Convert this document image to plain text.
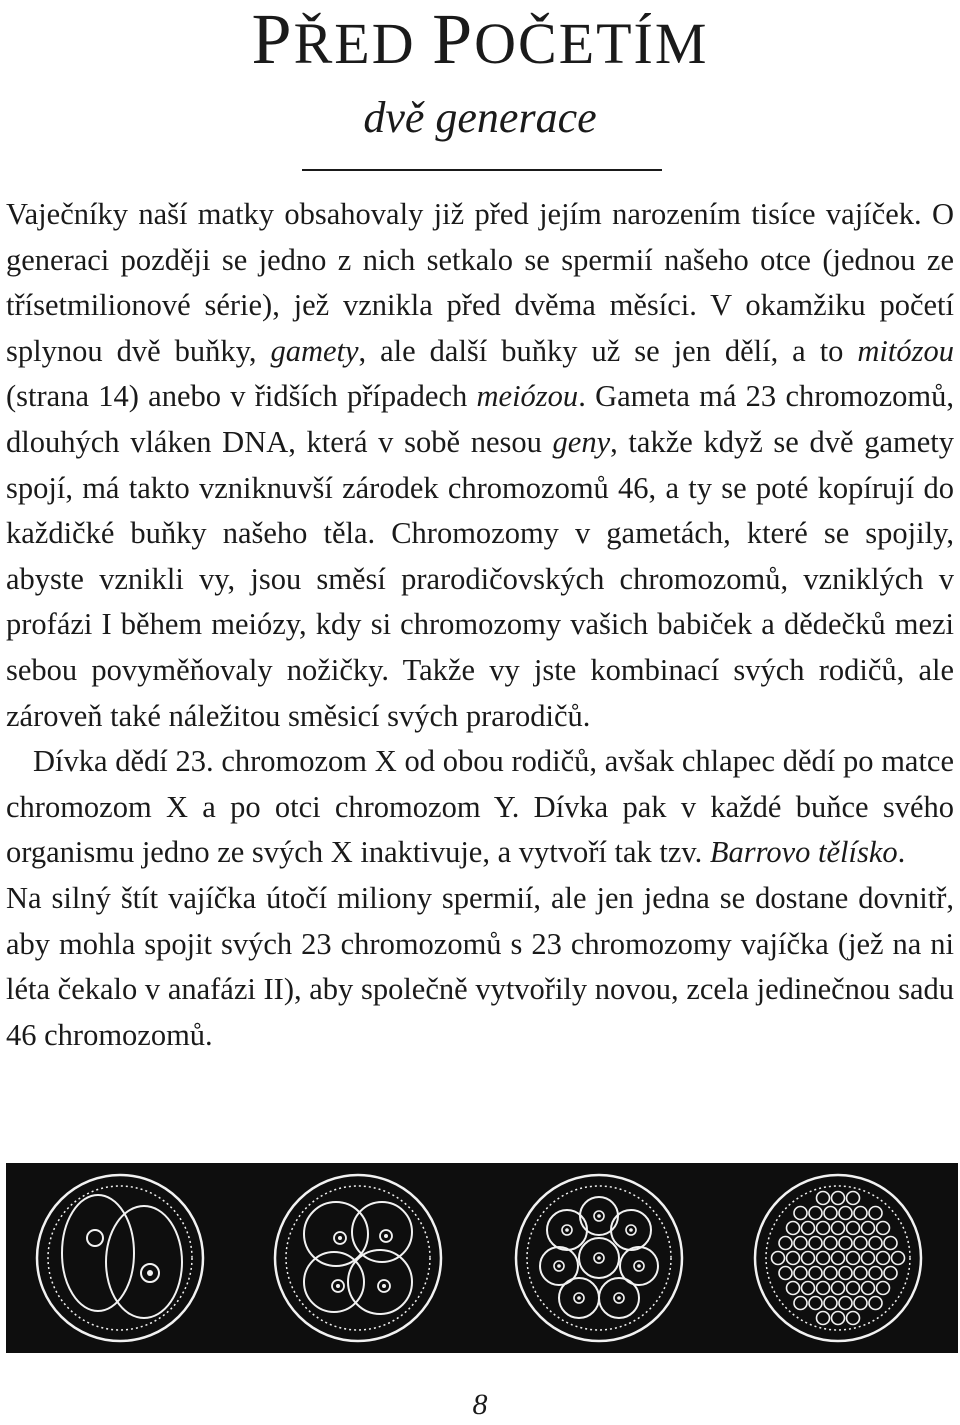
PŘED POČETÍM
dvě generace

Vaječníky naší matky obsahovaly již před jejím narozením tisíce vajíček. O generaci později se jedno z nich setkalo se spermií našeho otce (jednou ze třísetmilionové série), jež vznikla před dvěma měsíci. V okamžiku početí splynou dvě buňky, gamety, ale další buňky už se jen dělí, a to mitózou (strana 14) anebo v řidších případech meiózou. Gameta má 23 chromozomů, dlouhých vláken DNA, která v sobě nesou geny, takže když se dvě gamety spojí, má takto vzniknuvší zárodek chromozomů 46, a ty se poté kopírují do každičké buňky našeho těla. Chromozomy v gametách, které se spojily, abyste vznikli vy, jsou směsí prarodičovských chromozomů, vzniklých v profázi I během meiózy, kdy si chromozomy vašich babiček a dědečků mezi sebou povyměňovaly nožičky. Takže vy jste kombinací svých rodičů, ale zároveň také náležitou směsicí svých prarodičů.

Dívka dědí 23. chromozom X od obou rodičů, avšak chlapec dědí po matce chromozom X a po otci chromozom Y. Dívka pak v každé buňce svého organismu jedno ze svých X inaktivuje, a vytvoří tak tzv. Barrovo tělísko.

Na silný štít vajíčka útočí miliony spermií, ale jen jedna se dostane dovnitř, aby mohla spojit svých 23 chromozomů s 23 chromozomy vajíčka (jež na ni léta čekalo v anafázi II), aby společně vytvořily novou, zcela jedinečnou sadu 46 chromozomů.

8
